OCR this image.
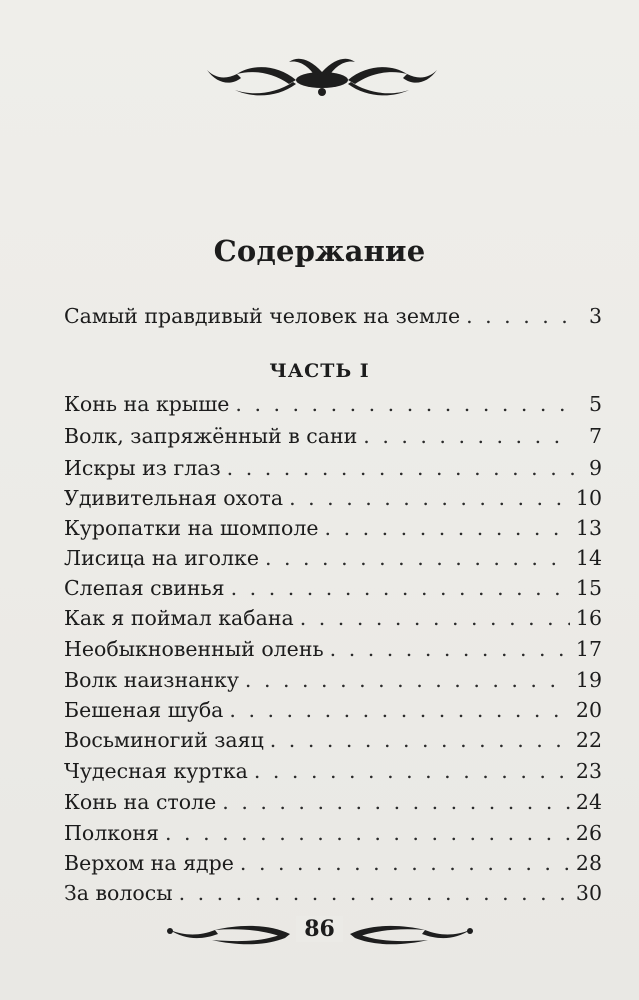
Содержание
Самый правдивый человек на земле . . .	3
ЧАСТЬ I
Конь на крыше . . .	5
Волк, запряжённый в сани . . .	7
Искры из глаз . . .	9
Удивительная охота . . .	10
Куропатки на шомполе . . .	13
Лисица на иголке . . .	14
Слепая свинья . . .	15
Как я поймал кабана . . .	16
Необыкновенный олень . . .	17
Волк наизнанку . . .	19
Бешеная шуба . . .	20
Восьминогий заяц . . .	22
Чудесная куртка . . .	23
Конь на столе . . .	24
Полконя . . .	26
Верхом на ядре . . .	28
За волосы . . .	30
86
